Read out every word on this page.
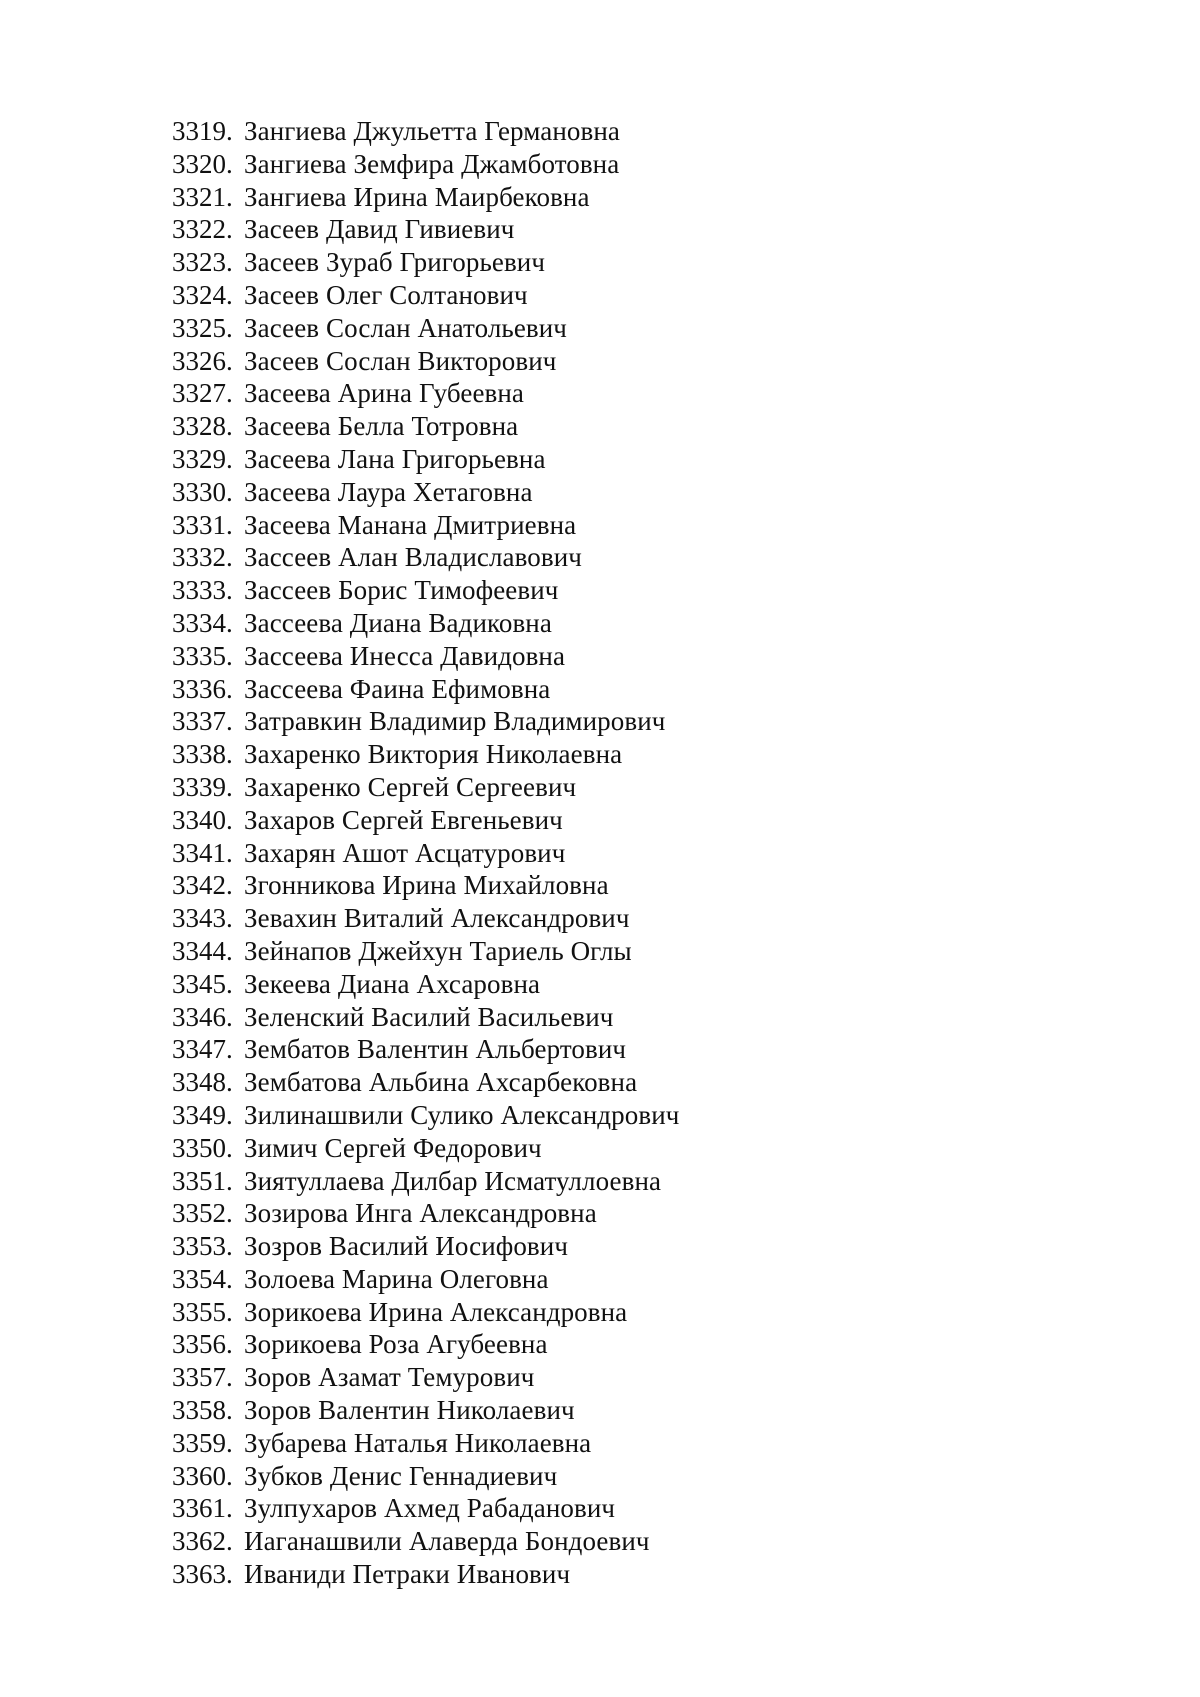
3319. Зангиева Джульетта Германовна
3320. Зангиева Земфира Джамботовна
3321. Зангиева Ирина Маирбековна
3322. Засеев Давид Гивиевич
3323. Засеев Зураб Григорьевич
3324. Засеев Олег Солтанович
3325. Засеев Сослан Анатольевич
3326. Засеев Сослан Викторович
3327. Засеева Арина Губеевна
3328. Засеева Белла Тотровна
3329. Засеева Лана Григорьевна
3330. Засеева Лаура Хетаговна
3331. Засеева Манана Дмитриевна
3332. Зассеев Алан Владиславович
3333. Зассеев Борис Тимофеевич
3334. Зассеева Диана Вадиковна
3335. Зассеева Инесса Давидовна
3336. Зассеева Фаина Ефимовна
3337. Затравкин Владимир Владимирович
3338. Захаренко Виктория Николаевна
3339. Захаренко Сергей Сергеевич
3340. Захаров Сергей Евгеньевич
3341. Захарян Ашот Асцатурович
3342. Згонникова Ирина Михайловна
3343. Зевахин Виталий Александрович
3344. Зейнапов Джейхун Тариель Оглы
3345. Зекеева Диана Ахсаровна
3346. Зеленский Василий Васильевич
3347. Зембатов Валентин Альбертович
3348. Зембатова Альбина Ахсарбековна
3349. Зилинашвили Сулико Александрович
3350. Зимич Сергей Федорович
3351. Зиятуллаева Дилбар Исматуллоевна
3352. Зозирова Инга Александровна
3353. Зозров Василий Иосифович
3354. Золоева Марина Олеговна
3355. Зорикоева Ирина Александровна
3356. Зорикоева Роза Агубеевна
3357. Зоров Азамат Темурович
3358. Зоров Валентин Николаевич
3359. Зубарева Наталья Николаевна
3360. Зубков Денис Геннадиевич
3361. Зулпухаров Ахмед Рабаданович
3362. Иаганашвили Алаверда Бондоевич
3363. Иваниди Петраки Иванович
